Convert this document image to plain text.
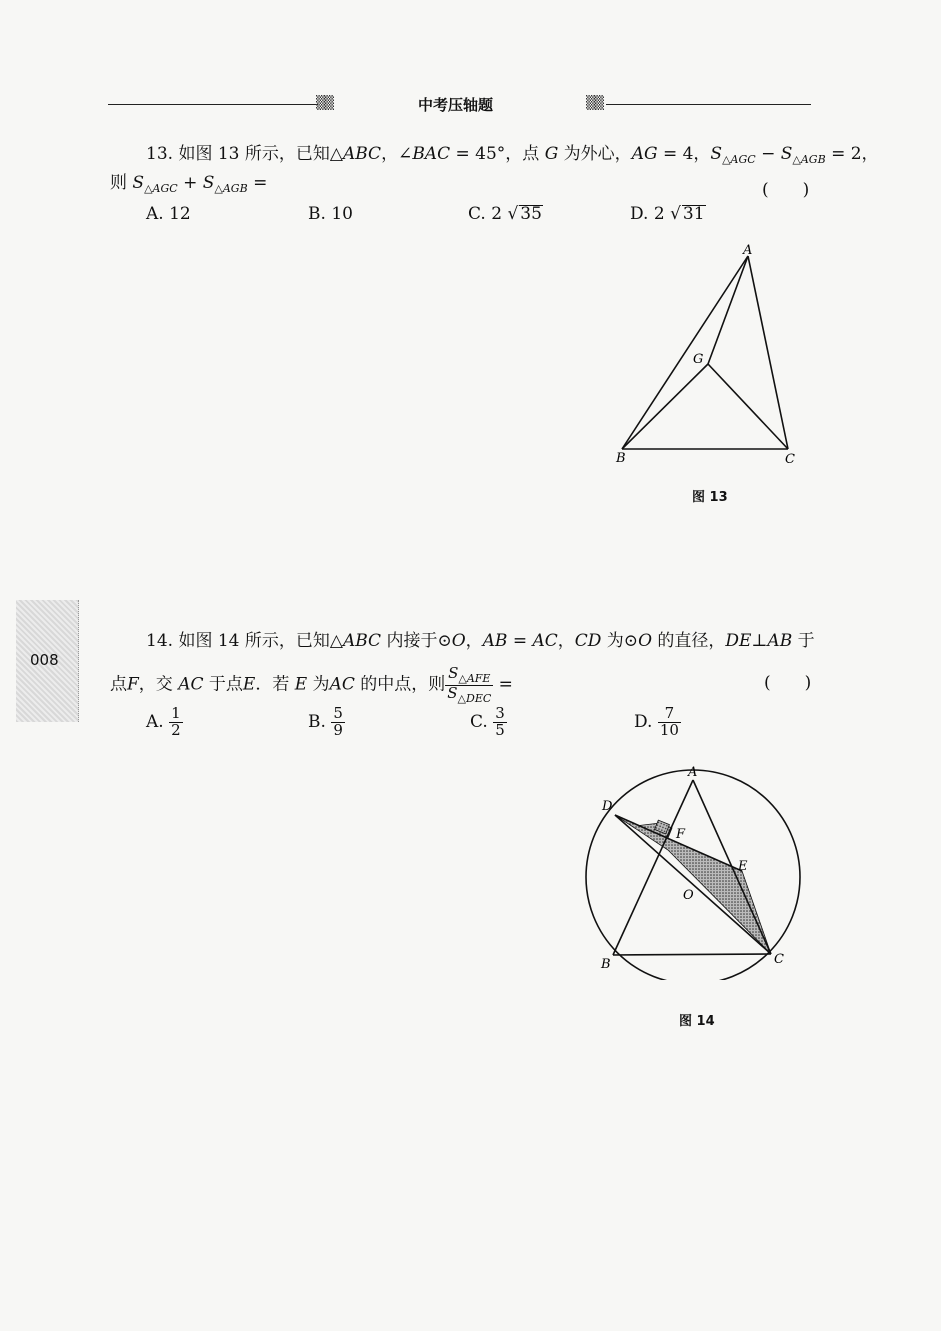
▒▒	中考压轴题	▒▒
13. 如图 13 所示，已知△ABC，∠BAC = 45°，点 G 为外心，AG = 4，$S_{\triangle AGC} - S_{\triangle AGB} = 2$，
则 $S_{\triangle AGC} + S_{\triangle AGB}$ =	(　　)
A. 12	B. 10	C. 2 √ 35	D. 2 √ 31
A
G
B	C
图 13
008
14. 如图 14 所示，已知△ABC 内接于⊙O，AB = AC，CD 为⊙O 的直径，DE⊥AB 于
点F，交 AC 于点E．若 E 为AC 的中点，则 $\frac{S_{\triangle AFE}}{S_{\triangle DEC}}$ =	(　　)
A. $\frac{1}{2}$	B. $\frac{5}{9}$	C. $\frac{3}{5}$	D. $\frac{7}{10}$
A
D
F
E
O
B	C
图 14
